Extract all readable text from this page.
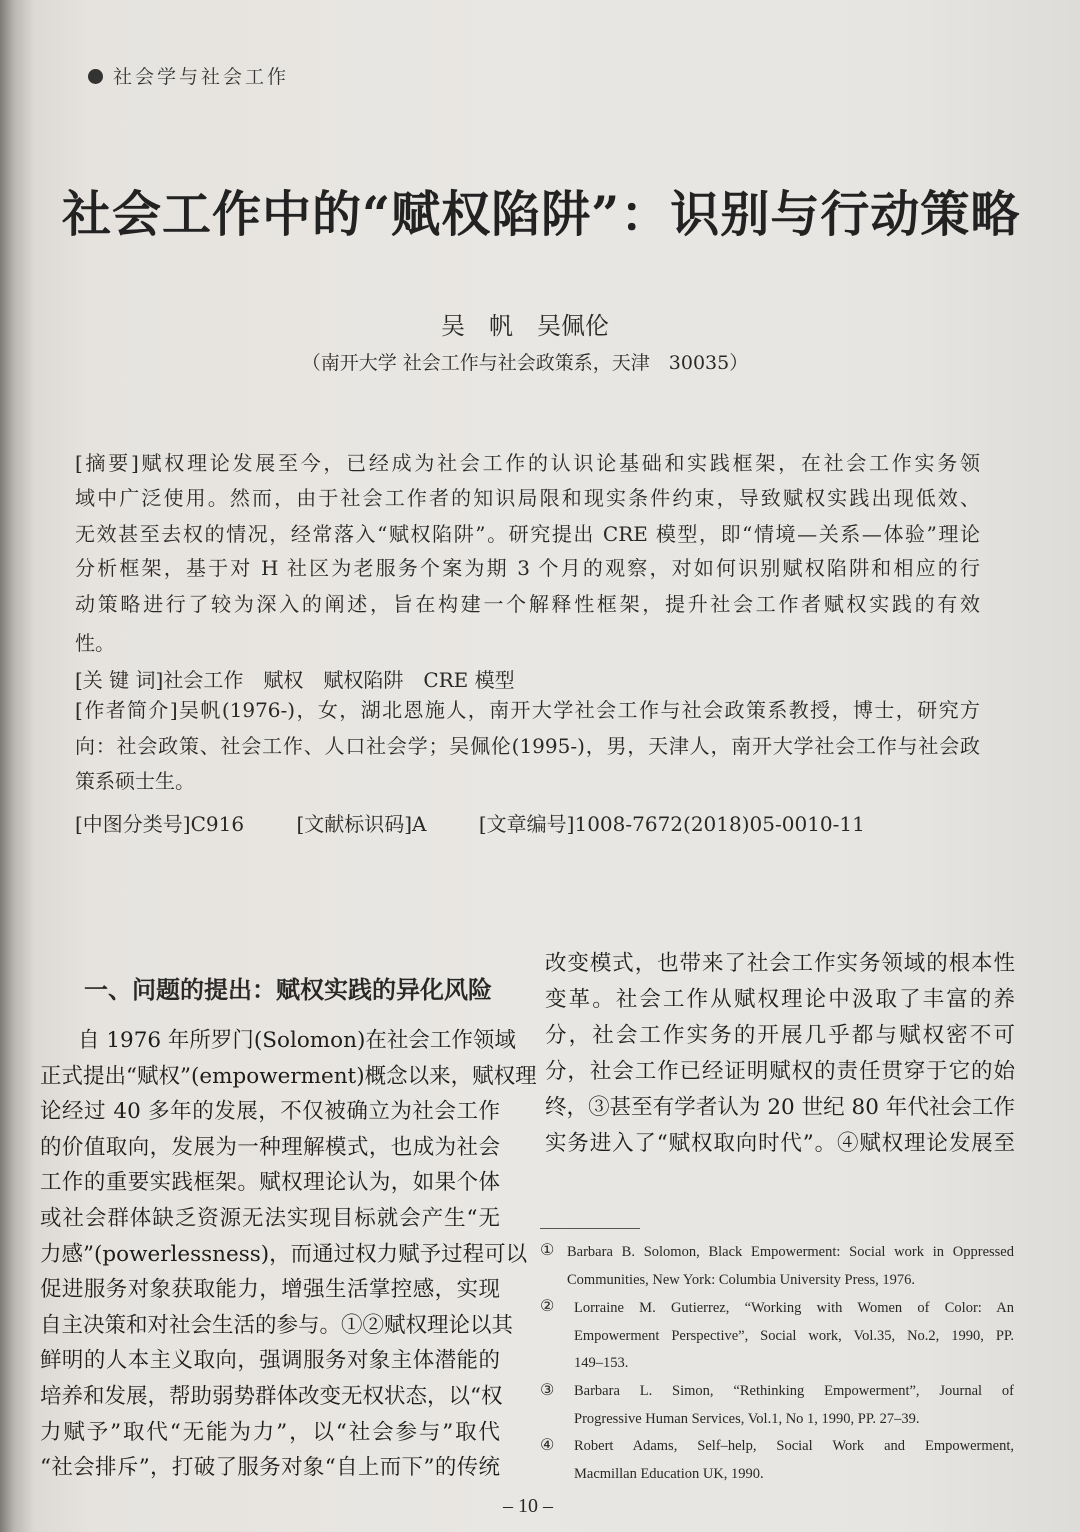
社会学与社会工作
社会工作中的“赋权陷阱”：识别与行动策略
吴　帆　吴佩伦
（南开大学 社会工作与社会政策系，天津　30035）
[摘要]赋权理论发展至今，已经成为社会工作的认识论基础和实践框架，在社会工作实务领
域中广泛使用。然而，由于社会工作者的知识局限和现实条件约束，导致赋权实践出现低效、
无效甚至去权的情况，经常落入“赋权陷阱”。研究提出 CRE 模型，即“情境—关系—体验”理论
分析框架，基于对 H 社区为老服务个案为期 3 个月的观察，对如何识别赋权陷阱和相应的行
动策略进行了较为深入的阐述，旨在构建一个解释性框架，提升社会工作者赋权实践的有效
性。
[关 键 词]社会工作　赋权　赋权陷阱　CRE 模型
[作者简介]吴帆(1976-)，女，湖北恩施人，南开大学社会工作与社会政策系教授，博士，研究方
向：社会政策、社会工作、人口社会学；吴佩伦(1995-)，男，天津人，南开大学社会工作与社会政
策系硕士生。
[中图分类号]C916	[文献标识码]A	[文章编号]1008-7672(2018)05-0010-11
一、问题的提出：赋权实践的异化风险
自 1976 年所罗门(Solomon)在社会工作领域
正式提出“赋权”(empowerment)概念以来，赋权理
论经过 40 多年的发展，不仅被确立为社会工作
的价值取向，发展为一种理解模式，也成为社会
工作的重要实践框架。赋权理论认为，如果个体
或社会群体缺乏资源无法实现目标就会产生“无
力感”(powerlessness)，而通过权力赋予过程可以
促进服务对象获取能力，增强生活掌控感，实现
自主决策和对社会生活的参与。①②赋权理论以其
鲜明的人本主义取向，强调服务对象主体潜能的
培养和发展，帮助弱势群体改变无权状态，以“权
力赋予”取代“无能为力”，以“社会参与”取代
“社会排斥”，打破了服务对象“自上而下”的传统
改变模式，也带来了社会工作实务领域的根本性
变革。社会工作从赋权理论中汲取了丰富的养
分，社会工作实务的开展几乎都与赋权密不可
分，社会工作已经证明赋权的责任贯穿于它的始
终，③甚至有学者认为 20 世纪 80 年代社会工作
实务进入了“赋权取向时代”。④赋权理论发展至
① Barbara B. Solomon, Black Empowerment: Social work in Oppressed
Communities, New York: Columbia University Press, 1976.
② Lorraine M. Gutierrez, “Working with Women of Color: An
Empowerment Perspective”, Social work, Vol.35, No.2, 1990, PP.
149–153.
③ Barbara L. Simon, “Rethinking Empowerment”, Journal of
Progressive Human Services, Vol.1, No 1, 1990, PP. 27–39.
④ Robert Adams, Self–help, Social Work and Empowerment,
Macmillan Education UK, 1990.
– 10 –
